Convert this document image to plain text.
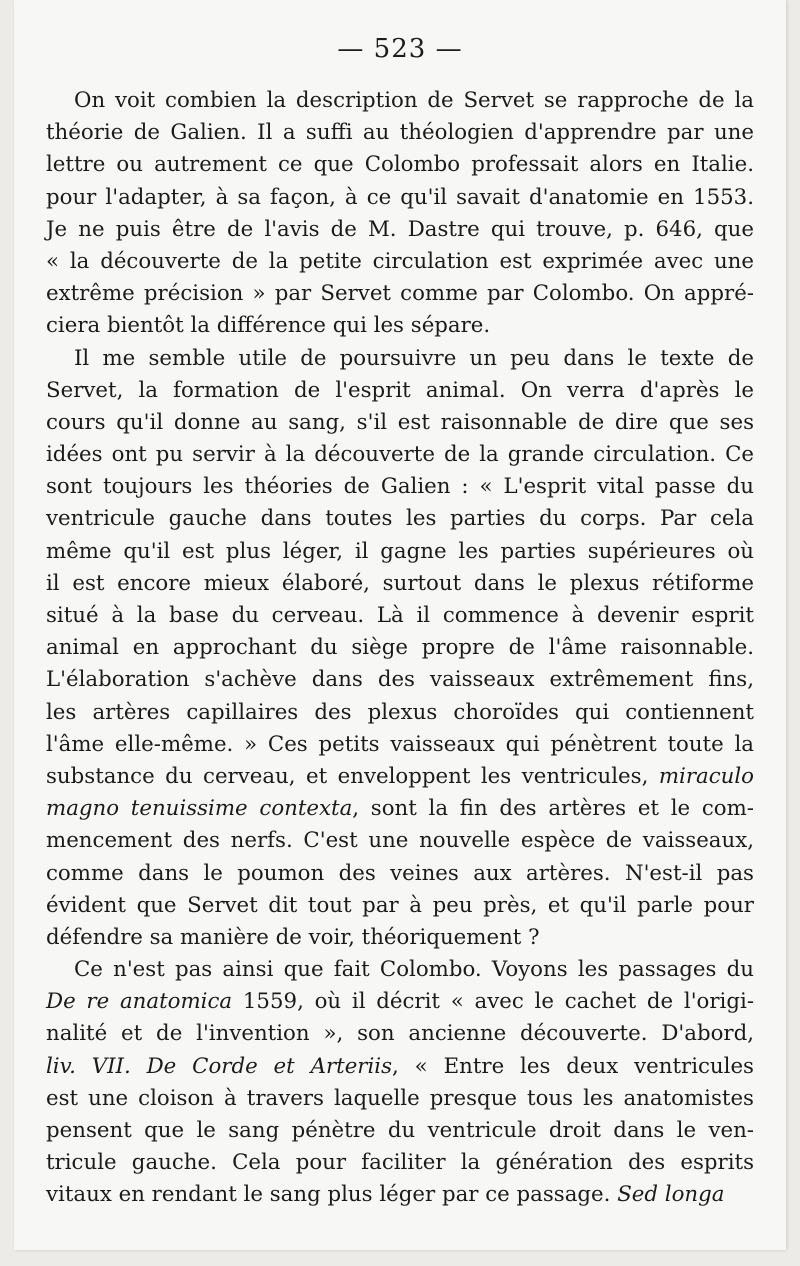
— 523 —
On voit combien la description de Servet se rapproche de la
théorie de Galien. Il a suffi au théologien d'apprendre par une
lettre ou autrement ce que Colombo professait alors en Italie.
pour l'adapter, à sa façon, à ce qu'il savait d'anatomie en 1553.
Je ne puis être de l'avis de M. Dastre qui trouve, p. 646, que
« la découverte de la petite circulation est exprimée avec une
extrême précision » par Servet comme par Colombo. On appré-
ciera bientôt la différence qui les sépare.
Il me semble utile de poursuivre un peu dans le texte de
Servet, la formation de l'esprit animal. On verra d'après le
cours qu'il donne au sang, s'il est raisonnable de dire que ses
idées ont pu servir à la découverte de la grande circulation. Ce
sont toujours les théories de Galien : « L'esprit vital passe du
ventricule gauche dans toutes les parties du corps. Par cela
même qu'il est plus léger, il gagne les parties supérieures où
il est encore mieux élaboré, surtout dans le plexus rétiforme
situé à la base du cerveau. Là il commence à devenir esprit
animal en approchant du siège propre de l'âme raisonnable.
L'élaboration s'achève dans des vaisseaux extrêmement fins,
les artères capillaires des plexus choroïdes qui contiennent
l'âme elle-même. » Ces petits vaisseaux qui pénètrent toute la
substance du cerveau, et enveloppent les ventricules, miraculo
magno tenuissime contexta, sont la fin des artères et le com-
mencement des nerfs. C'est une nouvelle espèce de vaisseaux,
comme dans le poumon des veines aux artères. N'est-il pas
évident que Servet dit tout par à peu près, et qu'il parle pour
défendre sa manière de voir, théoriquement ?
Ce n'est pas ainsi que fait Colombo. Voyons les passages du
De re anatomica 1559, où il décrit « avec le cachet de l'origi-
nalité et de l'invention », son ancienne découverte. D'abord,
liv. VII. De Corde et Arteriis, « Entre les deux ventricules
est une cloison à travers laquelle presque tous les anatomistes
pensent que le sang pénètre du ventricule droit dans le ven-
tricule gauche. Cela pour faciliter la génération des esprits
vitaux en rendant le sang plus léger par ce passage. Sed longa
